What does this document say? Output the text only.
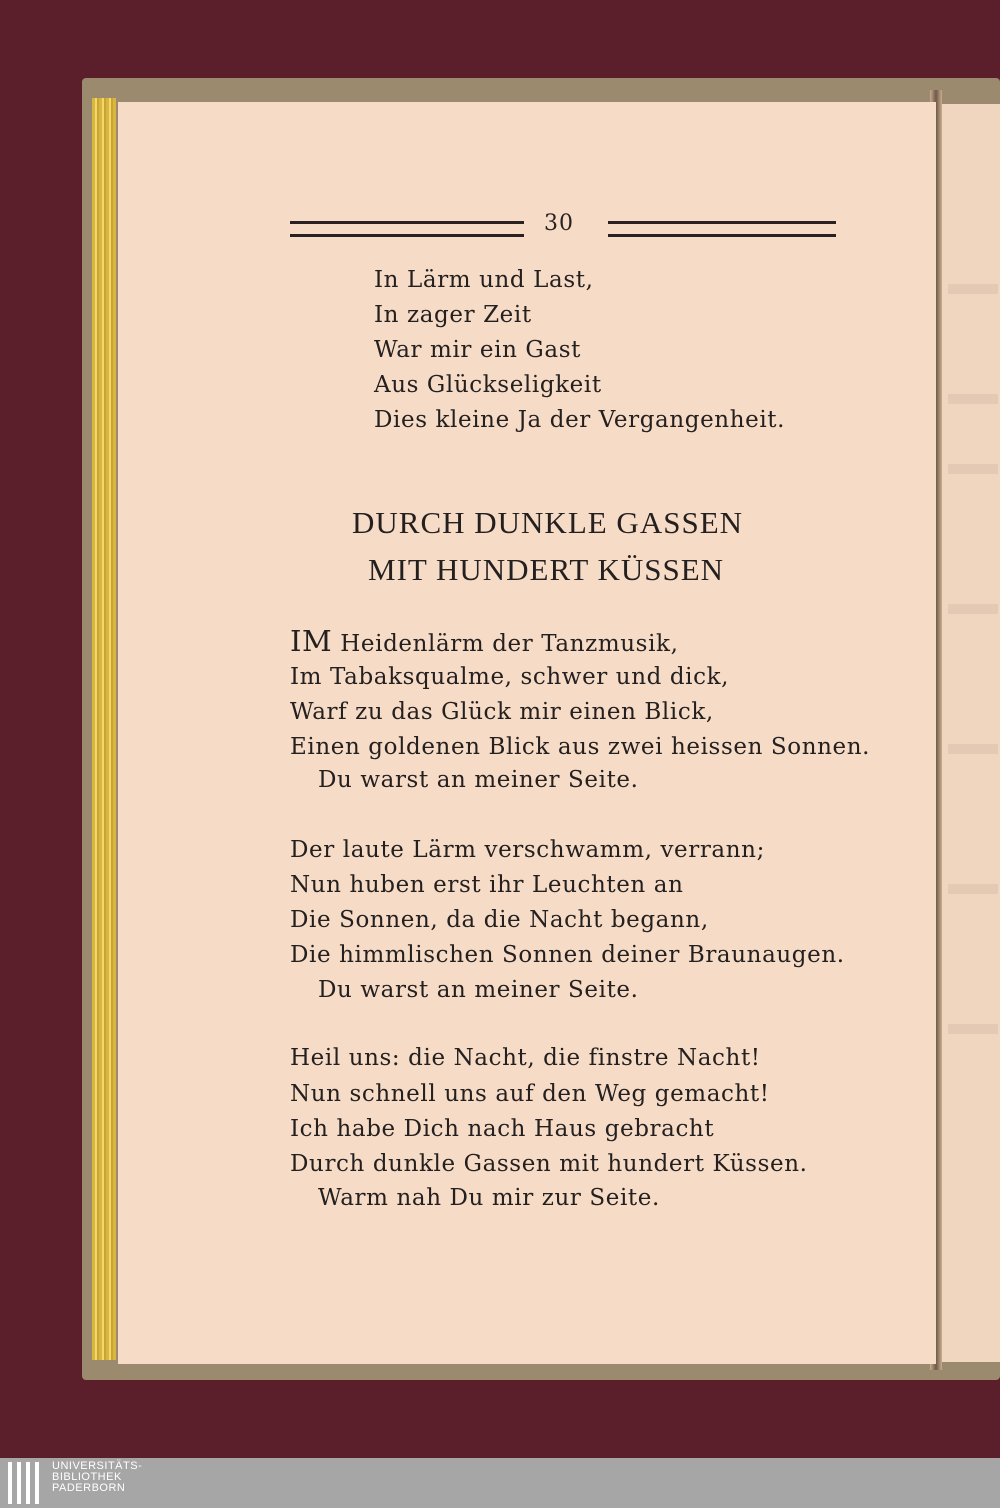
30
In Lärm und Last,
In zager Zeit
War mir ein Gast
Aus Glückseligkeit
Dies kleine Ja der Vergangenheit.
DURCH DUNKLE GASSEN
MIT HUNDERT KÜSSEN
IM Heidenlärm der Tanzmusik,
Im Tabaksqualme, schwer und dick,
Warf zu das Glück mir einen Blick,
Einen goldenen Blick aus zwei heissen Sonnen.
Du warst an meiner Seite.
Der laute Lärm verschwamm, verrann;
Nun huben erst ihr Leuchten an
Die Sonnen, da die Nacht begann,
Die himmlischen Sonnen deiner Braunaugen.
Du warst an meiner Seite.
Heil uns: die Nacht, die finstre Nacht!
Nun schnell uns auf den Weg gemacht!
Ich habe Dich nach Haus gebracht
Durch dunkle Gassen mit hundert Küssen.
Warm nah Du mir zur Seite.
UNIVERSITÄTS-
BIBLIOTHEK
PADERBORN
